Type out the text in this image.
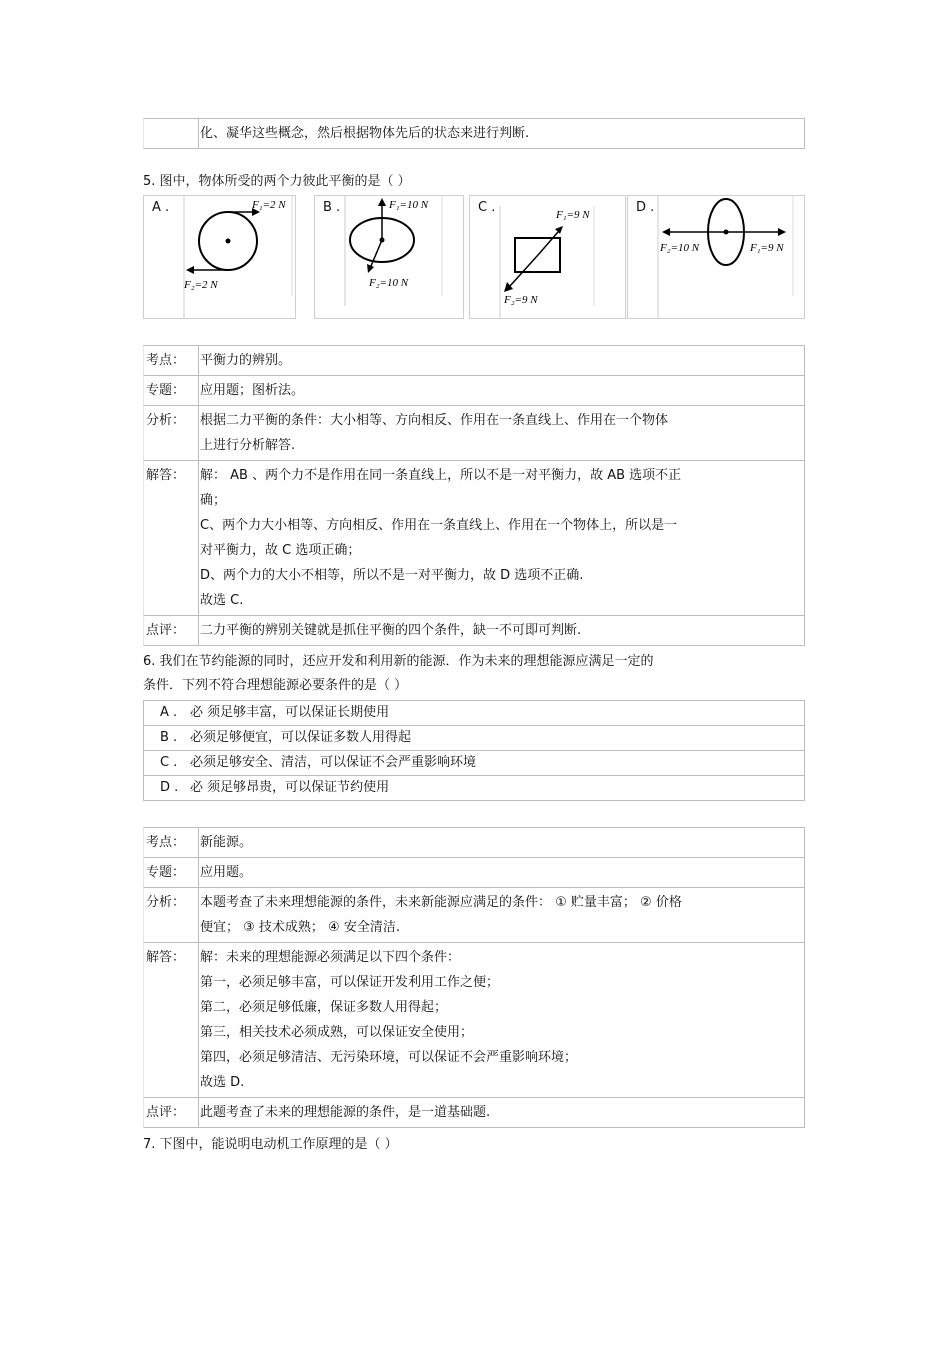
化、凝华这些概念，然后根据物体先后的状态来进行判断.
5. 图中，物体所受的两个力彼此平衡的是（ ）
A .	F₁=2 N
F₂=2 N
B .	F₁=10 N
F₂=10 N
C .	F₁=9 N
F₂=9 N
D .
F₂=10 N	F₁=9 N
考点：	平衡力的辨别。
专题：	应用题；图析法。
分析：	根据二力平衡的条件：大小相等、方向相反、作用在一条直线上、作用在一个物体
上进行分析解答.
解答：	解： AB 、两个力不是作用在同一条直线上，所以不是一对平衡力，故 AB 选项不正
确；
C、两个力大小相等、方向相反、作用在一条直线上、作用在一个物体上，所以是一
对平衡力，故 C 选项正确；
D、两个力的大小不相等，所以不是一对平衡力，故 D 选项不正确.
故选 C.
点评：	二力平衡的辨别关键就是抓住平衡的四个条件，缺一不可即可判断.
6. 我们在节约能源的同时，还应开发和利用新的能源．作为未来的理想能源应满足一定的
条件．下列不符合理想能源必要条件的是（ ）
A . 必 须足够丰富，可以保证长期使用
B . 必须足够便宜，可以保证多数人用得起
C . 必须足够安全、清洁，可以保证不会严重影响环境
D . 必 须足够昂贵，可以保证节约使用
考点：	新能源。
专题：	应用题。
分析：	本题考查了未来理想能源的条件，未来新能源应满足的条件： ① 贮量丰富； ② 价格
便宜； ③ 技术成熟； ④ 安全清洁.
解答：	解：未来的理想能源必须满足以下四个条件：
第一，必须足够丰富，可以保证开发利用工作之便；
第二，必须足够低廉，保证多数人用得起；
第三，相关技术必须成熟，可以保证安全使用；
第四，必须足够清洁、无污染环境，可以保证不会严重影响环境；
故选 D.
点评：	此题考查了未来的理想能源的条件，是一道基础题.
7. 下图中，能说明电动机工作原理的是（ ）
